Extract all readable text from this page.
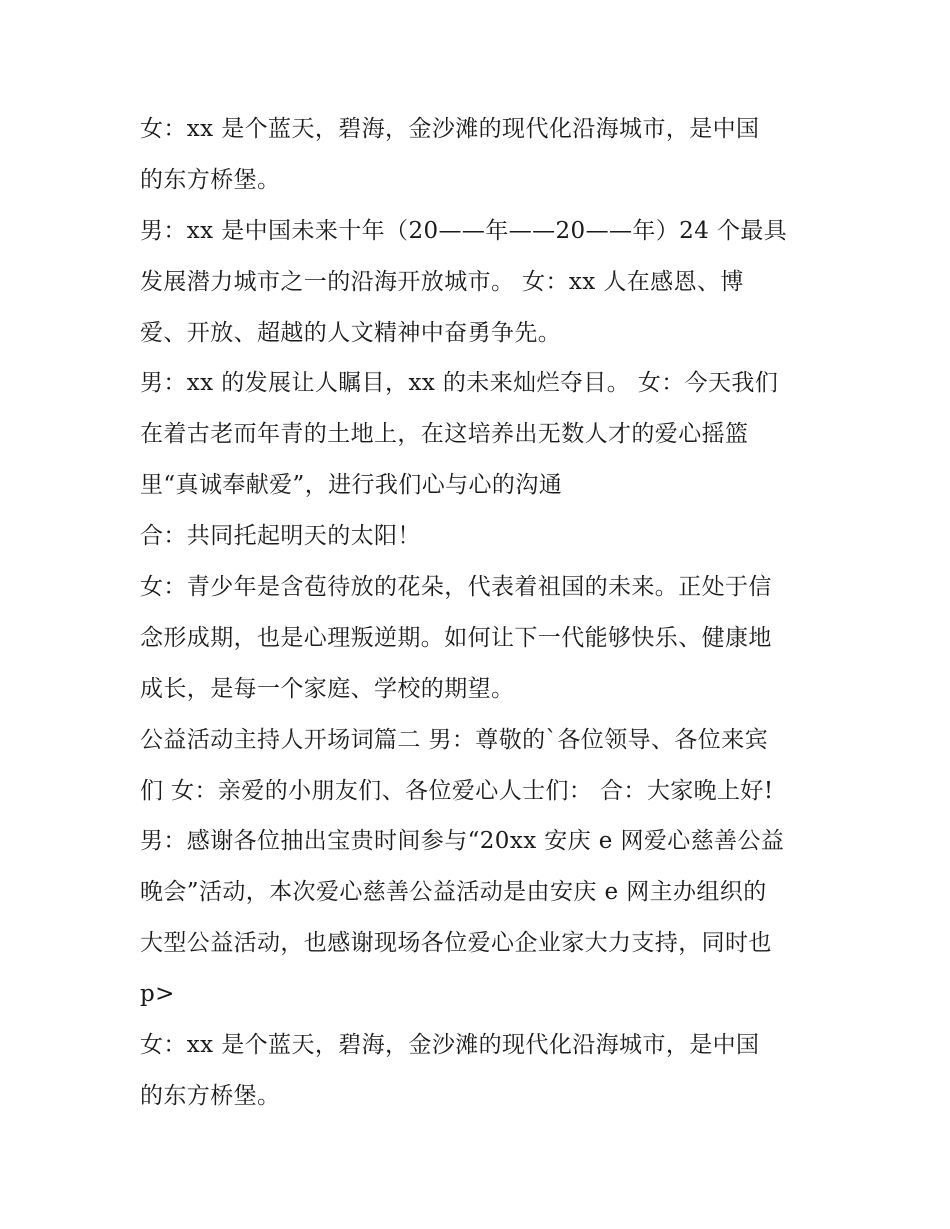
女：xx 是个蓝天，碧海，金沙滩的现代化沿海城市，是中国
的东方桥堡。
男：xx 是中国未来十年（20——年——20——年）24 个最具
发展潜力城市之一的沿海开放城市。 女：xx 人在感恩、博
爱、开放、超越的人文精神中奋勇争先。
男：xx 的发展让人瞩目，xx 的未来灿烂夺目。 女：今天我们
在着古老而年青的土地上，在这培养出无数人才的爱心摇篮
里“真诚奉献爱”，进行我们心与心的沟通
合：共同托起明天的太阳！
女：青少年是含苞待放的花朵，代表着祖国的未来。正处于信
念形成期，也是心理叛逆期。如何让下一代能够快乐、健康地
成长，是每一个家庭、学校的期望。
公益活动主持人开场词篇二 男：尊敬的`各位领导、各位来宾
们 女：亲爱的小朋友们、各位爱心人士们： 合：大家晚上好!
男：感谢各位抽出宝贵时间参与“20xx 安庆 e 网爱心慈善公益
晚会”活动，本次爱心慈善公益活动是由安庆 e 网主办组织的
大型公益活动，也感谢现场各位爱心企业家大力支持，同时也
p>
女：xx 是个蓝天，碧海，金沙滩的现代化沿海城市，是中国
的东方桥堡。
